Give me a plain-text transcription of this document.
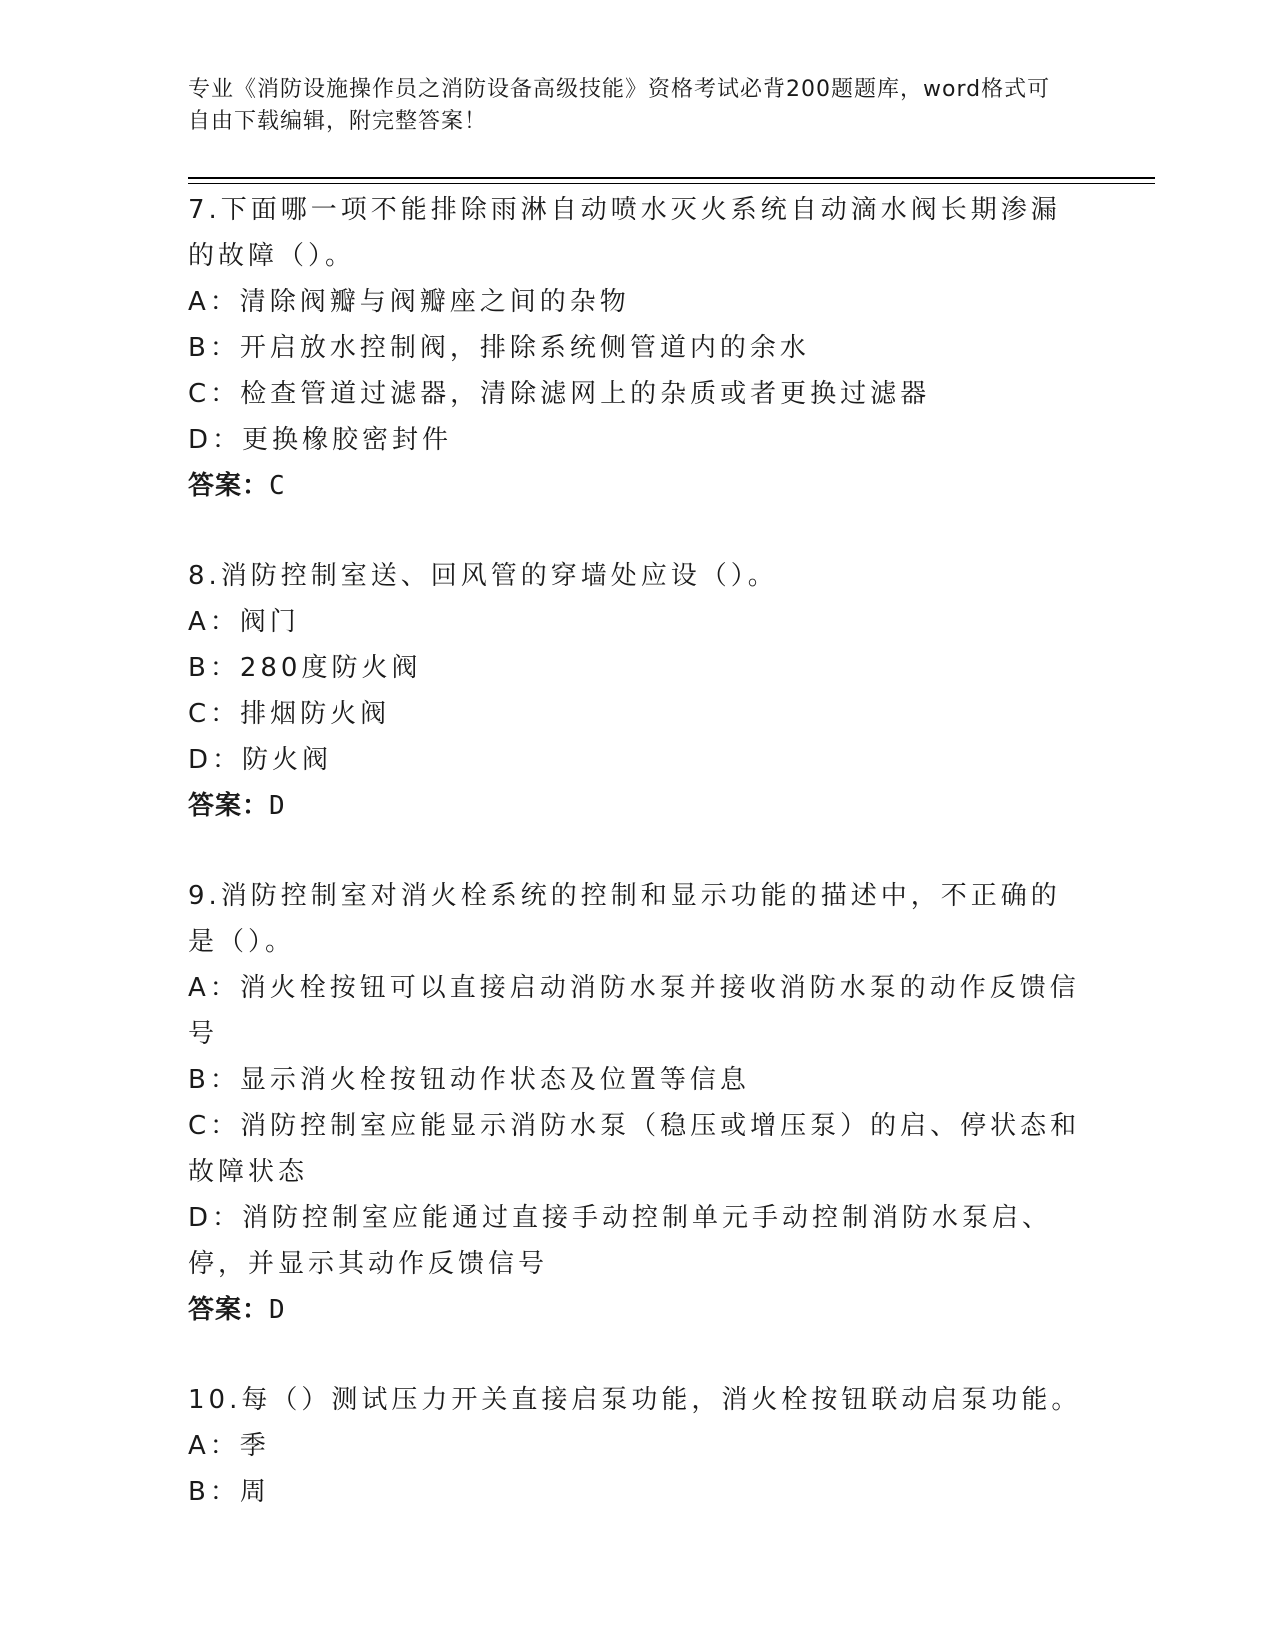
专业《消防设施操作员之消防设备高级技能》资格考试必背200题题库，word格式可自由下载编辑，附完整答案！

7.下面哪一项不能排除雨淋自动喷水灭火系统自动滴水阀长期渗漏的故障（）。

A：清除阀瓣与阀瓣座之间的杂物

B：开启放水控制阀，排除系统侧管道内的余水

C：检查管道过滤器，清除滤网上的杂质或者更换过滤器

D：更换橡胶密封件

答案：C

8.消防控制室送、回风管的穿墙处应设（）。

A：阀门

B：280度防火阀

C：排烟防火阀

D：防火阀

答案：D

9.消防控制室对消火栓系统的控制和显示功能的描述中，不正确的是（）。

A：消火栓按钮可以直接启动消防水泵并接收消防水泵的动作反馈信号

B：显示消火栓按钮动作状态及位置等信息

C：消防控制室应能显示消防水泵（稳压或增压泵）的启、停状态和故障状态

D：消防控制室应能通过直接手动控制单元手动控制消防水泵启、停，并显示其动作反馈信号

答案：D

10.每（）测试压力开关直接启泵功能，消火栓按钮联动启泵功能。

A：季

B：周
